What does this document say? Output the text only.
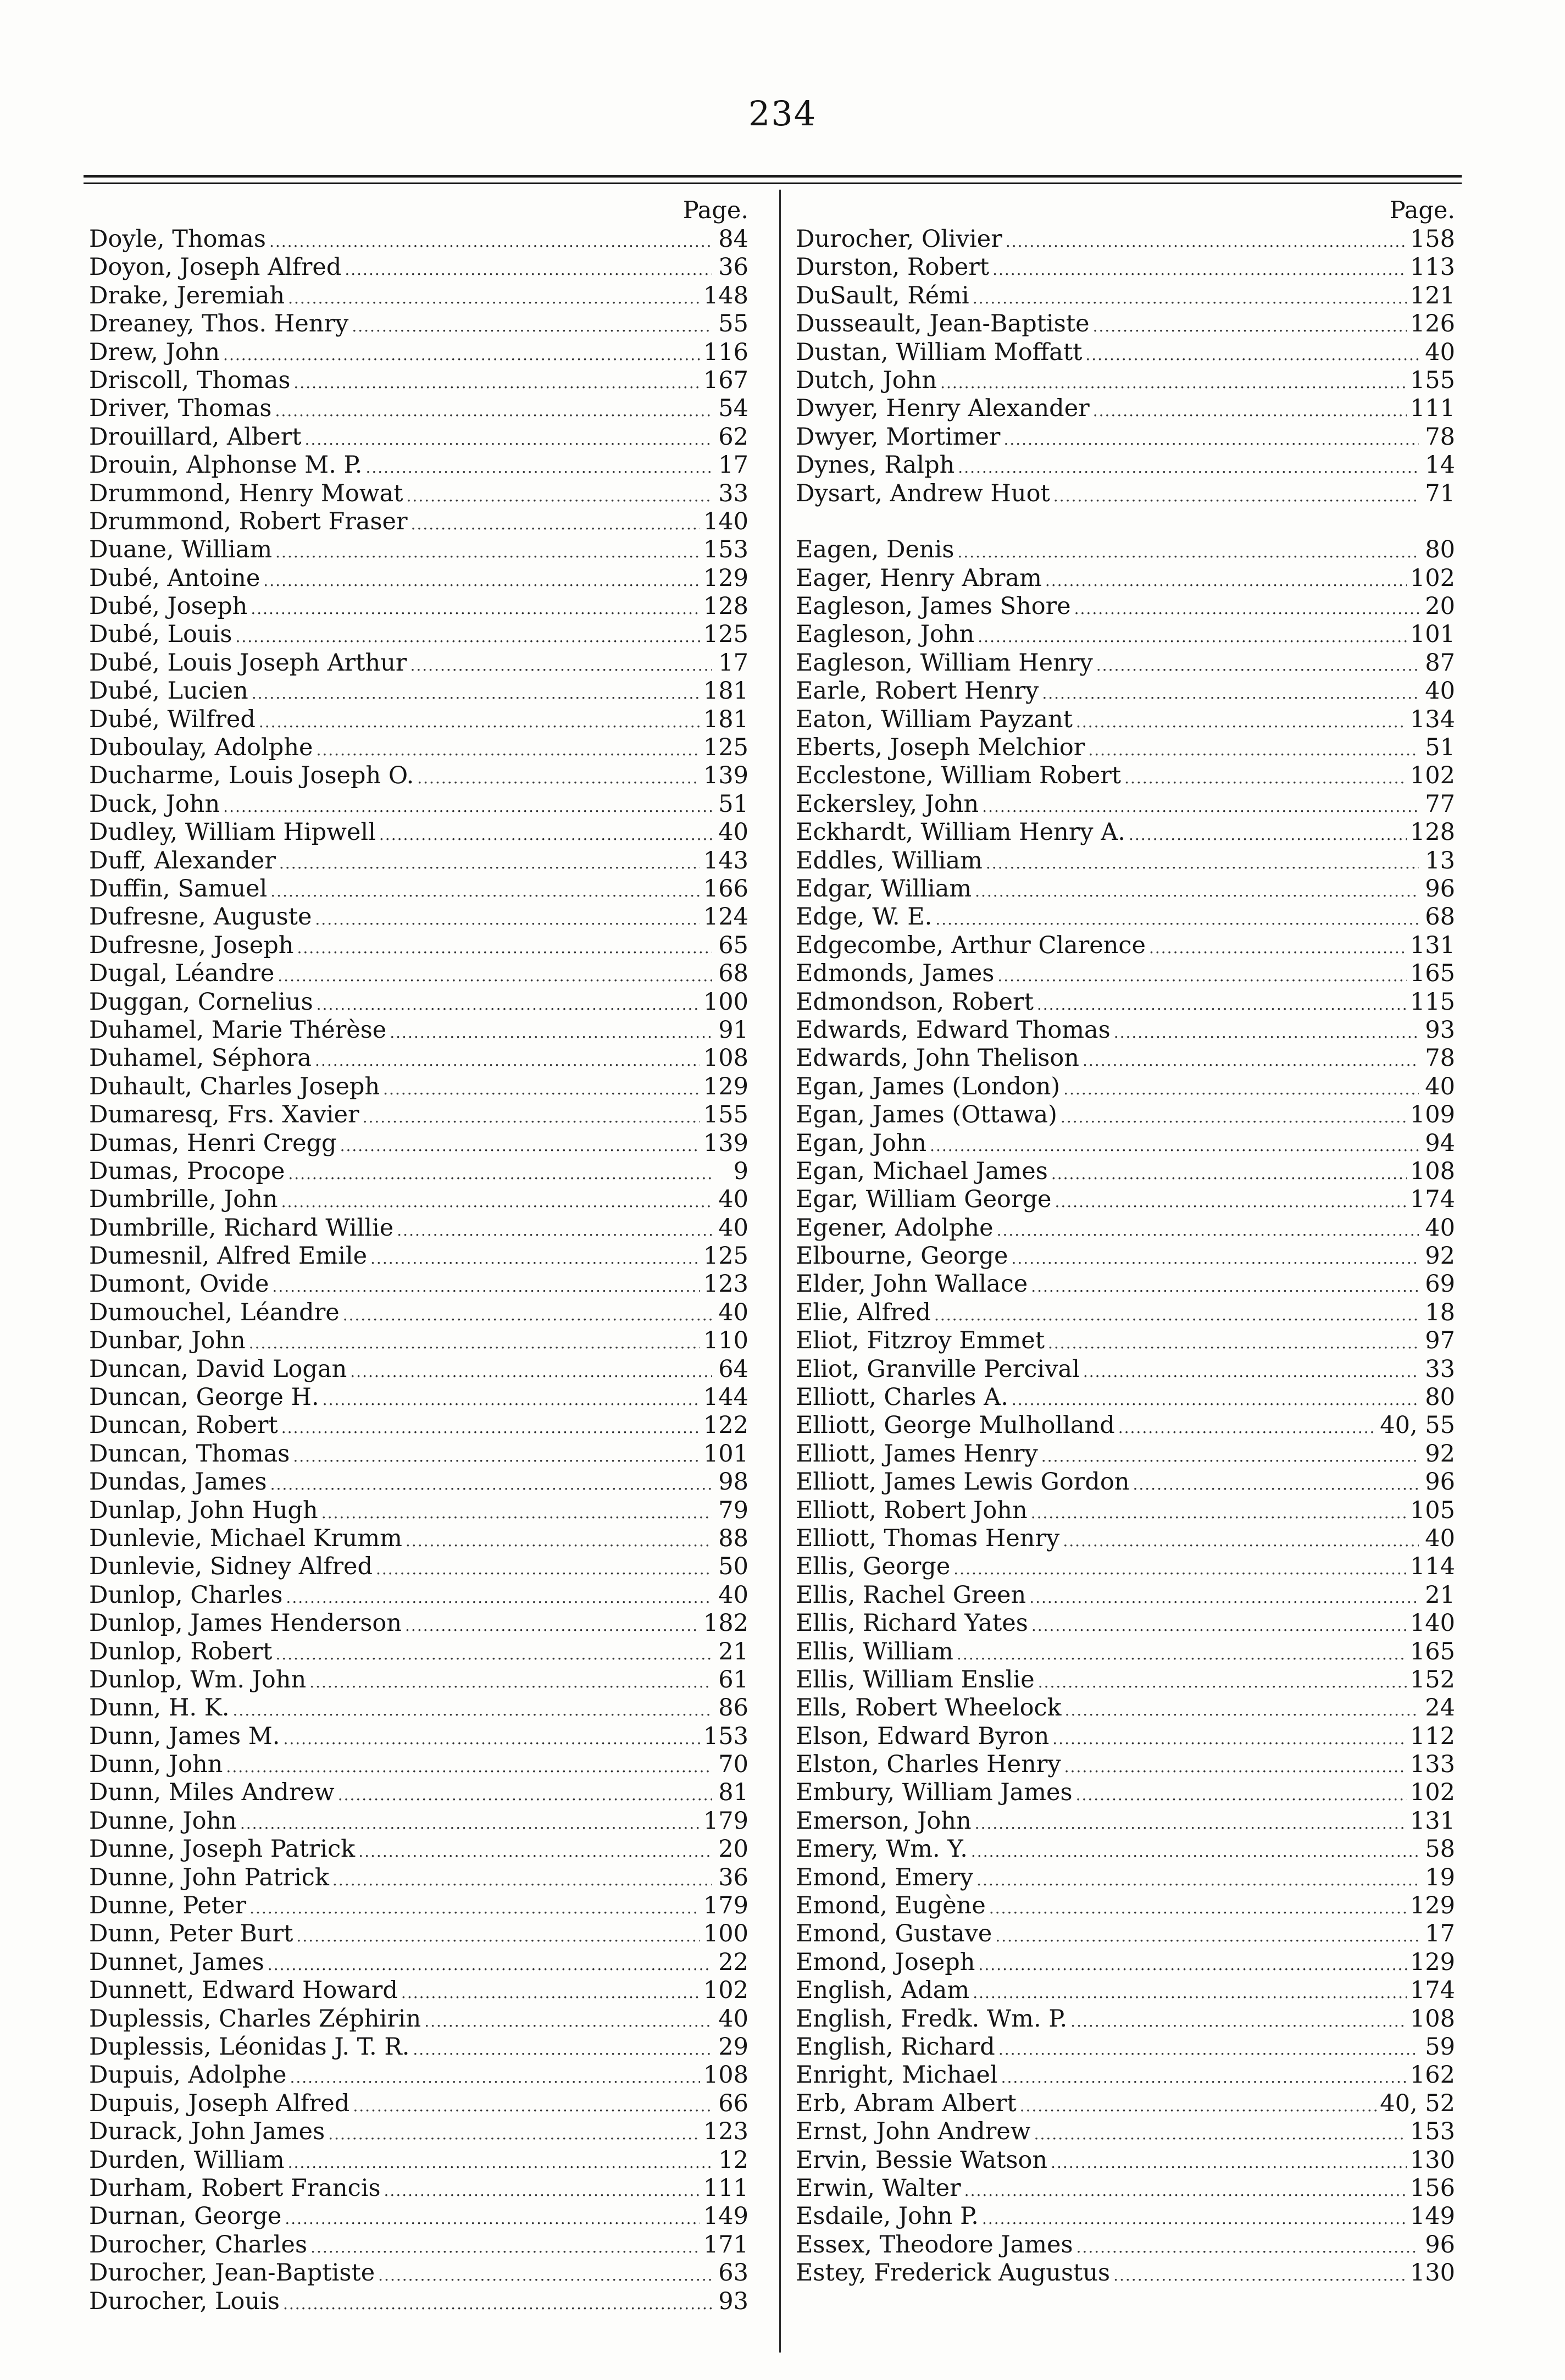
234
Page.
Doyle, Thomas .....	84
Doyon, Joseph Alfred .....	36
Drake, Jeremiah .....	148
Dreaney, Thos. Henry .....	55
Drew, John .....	116
Driscoll, Thomas .....	167
Driver, Thomas .....	54
Drouillard, Albert .....	62
Drouin, Alphonse M. P. .....	17
Drummond, Henry Mowat .....	33
Drummond, Robert Fraser .....	140
Duane, William .....	153
Dubé, Antoine .....	129
Dubé, Joseph .....	128
Dubé, Louis .....	125
Dubé, Louis Joseph Arthur .....	17
Dubé, Lucien .....	181
Dubé, Wilfred .....	181
Duboulay, Adolphe .....	125
Ducharme, Louis Joseph O. .....	139
Duck, John .....	51
Dudley, William Hipwell .....	40
Duff, Alexander .....	143
Duffin, Samuel .....	166
Dufresne, Auguste .....	124
Dufresne, Joseph .....	65
Dugal, Léandre .....	68
Duggan, Cornelius .....	100
Duhamel, Marie Thérèse .....	91
Duhamel, Séphora .....	108
Duhault, Charles Joseph .....	129
Dumaresq, Frs. Xavier .....	155
Dumas, Henri Cregg .....	139
Dumas, Procope .....	9
Dumbrille, John .....	40
Dumbrille, Richard Willie .....	40
Dumesnil, Alfred Emile .....	125
Dumont, Ovide .....	123
Dumouchel, Léandre .....	40
Dunbar, John .....	110
Duncan, David Logan .....	64
Duncan, George H. .....	144
Duncan, Robert .....	122
Duncan, Thomas .....	101
Dundas, James .....	98
Dunlap, John Hugh .....	79
Dunlevie, Michael Krumm .....	88
Dunlevie, Sidney Alfred .....	50
Dunlop, Charles .....	40
Dunlop, James Henderson .....	182
Dunlop, Robert .....	21
Dunlop, Wm. John .....	61
Dunn, H. K. .....	86
Dunn, James M. .....	153
Dunn, John .....	70
Dunn, Miles Andrew .....	81
Dunne, John .....	179
Dunne, Joseph Patrick .....	20
Dunne, John Patrick .....	36
Dunne, Peter .....	179
Dunn, Peter Burt .....	100
Dunnet, James .....	22
Dunnett, Edward Howard .....	102
Duplessis, Charles Zéphirin .....	40
Duplessis, Léonidas J. T. R. .....	29
Dupuis, Adolphe .....	108
Dupuis, Joseph Alfred .....	66
Durack, John James .....	123
Durden, William .....	12
Durham, Robert Francis .....	111
Durnan, George .....	149
Durocher, Charles .....	171
Durocher, Jean-Baptiste .....	63
Durocher, Louis .....	93
Page.
Durocher, Olivier .....	158
Durston, Robert .....	113
DuSault, Rémi .....	121
Dusseault, Jean-Baptiste .....	126
Dustan, William Moffatt .....	40
Dutch, John .....	155
Dwyer, Henry Alexander .....	111
Dwyer, Mortimer .....	78
Dynes, Ralph .....	14
Dysart, Andrew Huot .....	71
Eagen, Denis .....	80
Eager, Henry Abram .....	102
Eagleson, James Shore .....	20
Eagleson, John .....	101
Eagleson, William Henry .....	87
Earle, Robert Henry .....	40
Eaton, William Payzant .....	134
Eberts, Joseph Melchior .....	51
Ecclestone, William Robert .....	102
Eckersley, John .....	77
Eckhardt, William Henry A. .....	128
Eddles, William .....	13
Edgar, William .....	96
Edge, W. E. .....	68
Edgecombe, Arthur Clarence .....	131
Edmonds, James .....	165
Edmondson, Robert .....	115
Edwards, Edward Thomas .....	93
Edwards, John Thelison .....	78
Egan, James (London) .....	40
Egan, James (Ottawa) .....	109
Egan, John .....	94
Egan, Michael James .....	108
Egar, William George .....	174
Egener, Adolphe .....	40
Elbourne, George .....	92
Elder, John Wallace .....	69
Elie, Alfred .....	18
Eliot, Fitzroy Emmet .....	97
Eliot, Granville Percival .....	33
Elliott, Charles A. .....	80
Elliott, George Mulholland .....	40, 55
Elliott, James Henry .....	92
Elliott, James Lewis Gordon .....	96
Elliott, Robert John .....	105
Elliott, Thomas Henry .....	40
Ellis, George .....	114
Ellis, Rachel Green .....	21
Ellis, Richard Yates .....	140
Ellis, William .....	165
Ellis, William Enslie .....	152
Ells, Robert Wheelock .....	24
Elson, Edward Byron .....	112
Elston, Charles Henry .....	133
Embury, William James .....	102
Emerson, John .....	131
Emery, Wm. Y. .....	58
Emond, Emery .....	19
Emond, Eugène .....	129
Emond, Gustave .....	17
Emond, Joseph .....	129
English, Adam .....	174
English, Fredk. Wm. P. .....	108
English, Richard .....	59
Enright, Michael .....	162
Erb, Abram Albert .....	40, 52
Ernst, John Andrew .....	153
Ervin, Bessie Watson .....	130
Erwin, Walter .....	156
Esdaile, John P. .....	149
Essex, Theodore James .....	96
Estey, Frederick Augustus .....	130
